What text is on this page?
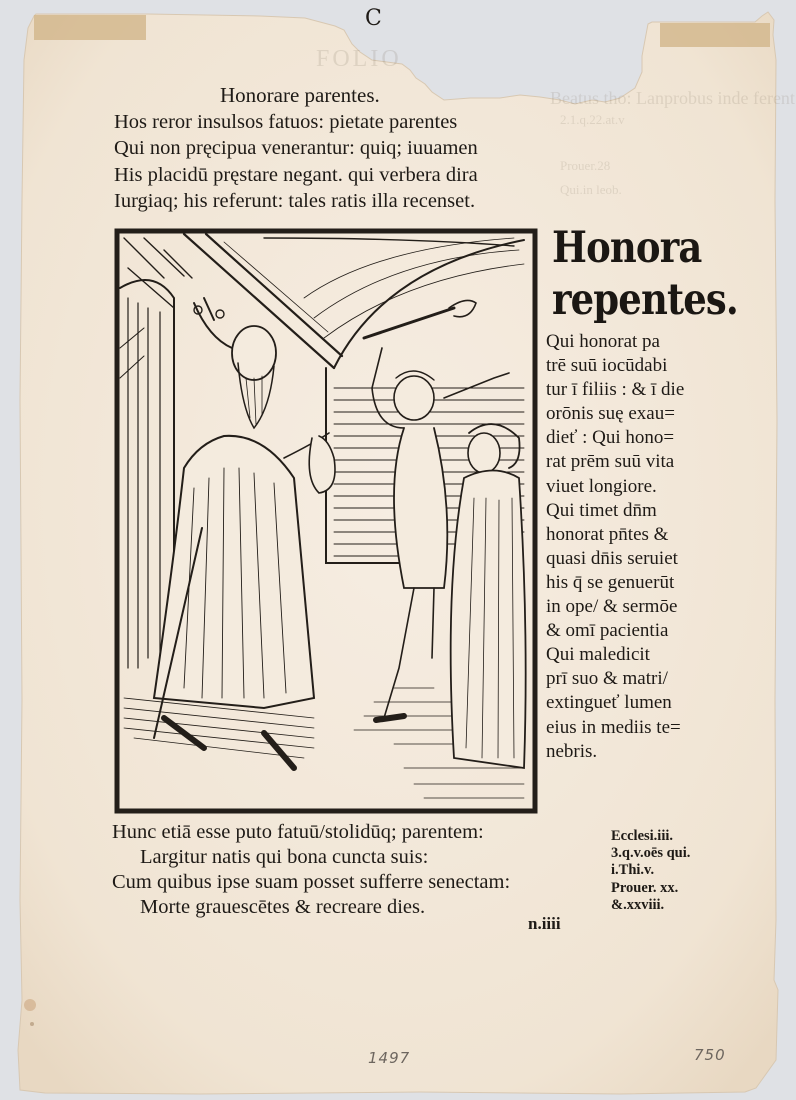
FOLIO
Beatus tho: Lanprobus inde ferent
2.1.q.22.at.v
Prouer.28
Qui.in leob.
C
Honorare parentes.
Hos reror insulsos fatuos: pietate parentes
Qui non pręcipua venerantur: quiq; iuuamen
His placidū pręstare negant. qui verbera dira
Iurgiaq; his referunt: tales ratis illa recenset.
Honora
repentes.
Qui honorat pa
trē suū iocūdabi
tur ī filiis : & ī die
orōnis suę exau=
dieť : Qui hono=
rat prēm suū vita
viuet longiore.
Qui timet dn̄m
honorat pn̄tes &
quasi dn̄is seruiet
his q̄ se genuerūt
in ope/ & sermōe
& omī pacientia
Qui maledicit
prī suo & matri/
extingueť lumen
eius in mediis te=
nebris.
Hunc etiā esse puto fatuū/stolidūq; parentem:
Largitur natis qui bona cuncta suis:
Cum quibus ipse suam posset sufferre senectam:
Morte grauescētes & recreare dies.
n.iiii
Ecclesi.iii.
3.q.v.oēs qui.
i.Thi.v.
Prouer. xx.
&.xxviii.
1497	750
